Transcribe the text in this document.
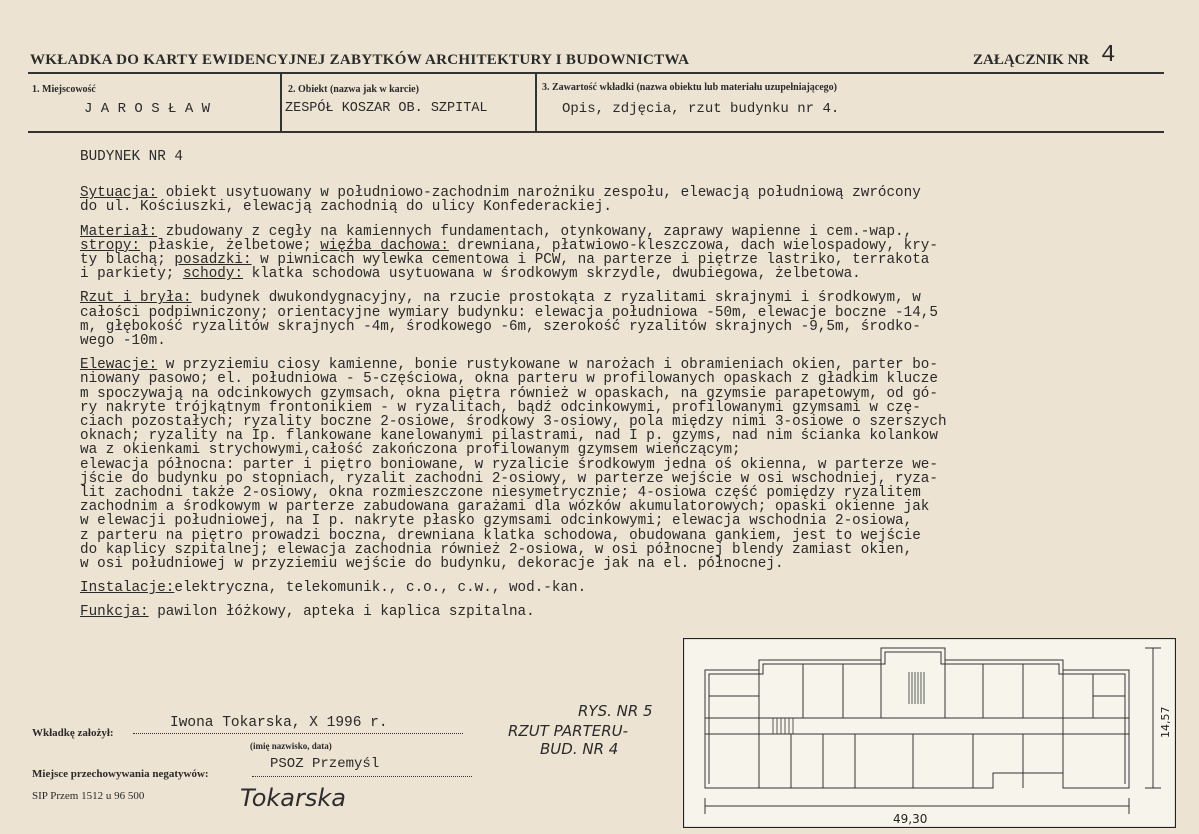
WKŁADKA DO KARTY EWIDENCYJNEJ ZABYTKÓW ARCHITEKTURY I BUDOWNICTWA	ZAŁĄCZNIK NR 4
1. Miejscowość
J A R O S Ł A W
2. Obiekt (nazwa jak w karcie)
ZESPÓŁ KOSZAR OB. SZPITAL
3. Zawartość wkładki (nazwa obiektu lub materiału uzupełniającego)
Opis, zdjęcia, rzut budynku nr 4.
BUDYNEK NR 4
Sytuacja: obiekt usytuowany w południowo-zachodnim narożniku zespołu, elewacją południową zwrócony
do ul. Kościuszki, elewacją zachodnią do ulicy Konfederackiej.
Materiał: zbudowany z cegły na kamiennych fundamentach, otynkowany, zaprawy wapienne i cem.-wap.,
stropy: płaskie, żelbetowe; więźba dachowa: drewniana, płatwiowo-kleszczowa, dach wielospadowy, kry-
ty blachą; posadzki: w piwnicach wylewka cementowa i PCW, na parterze i piętrze lastriko, terrakota
i parkiety; schody: klatka schodowa usytuowana w środkowym skrzydle, dwubiegowa, żelbetowa.
Rzut i bryła: budynek dwukondygnacyjny, na rzucie prostokąta z ryzalitami skrajnymi i środkowym, w
całości podpiwniczony; orientacyjne wymiary budynku: elewacja południowa -50m, elewacje boczne -14,5
m, głębokość ryzalitów skrajnych -4m, środkowego -6m, szerokość ryzalitów skrajnych -9,5m, środko-
wego -10m.
Elewacje: w przyziemiu ciosy kamienne, bonie rustykowane w narożach i obramieniach okien, parter bo-
niowany pasowo; el. południowa - 5-częściowa, okna parteru w profilowanych opaskach z gładkim klucze
m spoczywają na odcinkowych gzymsach, okna piętra również w opaskach, na gzymsie parapetowym, od gó-
ry nakryte trójkątnym frontonikiem - w ryzalitach, bądź odcinkowymi, profilowanymi gzymsami w czę-
ciach pozostałych; ryzality boczne 2-osiowe, środkowy 3-osiowy, pola między nimi 3-osiowe o szerszych
oknach; ryzality na Ip. flankowane kanelowanymi pilastrami, nad I p. gzyms, nad nim ścianka kolankow
wa z okienkami strychowymi,całość zakończona profilowanym gzymsem wieńczącym;
elewacja północna: parter i piętro boniowane, w ryzalicie środkowym jedna oś okienna, w parterze we-
jście do budynku po stopniach, ryzalit zachodni 2-osiowy, w parterze wejście w osi wschodniej, ryza-
lit zachodni także 2-osiowy, okna rozmieszczone niesymetrycznie; 4-osiowa część pomiędzy ryzalitem
zachodnim a środkowym w parterze zabudowana garażami dla wózków akumulatorowych; opaski okienne jak
w elewacji południowej, na I p. nakryte płasko gzymsami odcinkowymi; elewacja wschodnia 2-osiowa,
z parteru na piętro prowadzi boczna, drewniana klatka schodowa, obudowana gankiem, jest to wejście
do kaplicy szpitalnej; elewacja zachodnia również 2-osiowa, w osi północnej blendy zamiast okien,
w osi południowej w przyziemiu wejście do budynku, dekoracje jak na el. północnej.
Instalacje:elektryczna, telekomunik., c.o., c.w., wod.-kan.
Funkcja: pawilon łóżkowy, apteka i kaplica szpitalna.
Wkładkę założył:
Iwona Tokarska, X 1996 r.
(imię nazwisko, data)
Miejsce przechowywania negatywów:
PSOZ Przemyśl
SIP Przem 1512 u 96 500	Tokarska
RYS. NR 5
RZUT PARTERU-
BUD. NR 4
49,30
14,57
